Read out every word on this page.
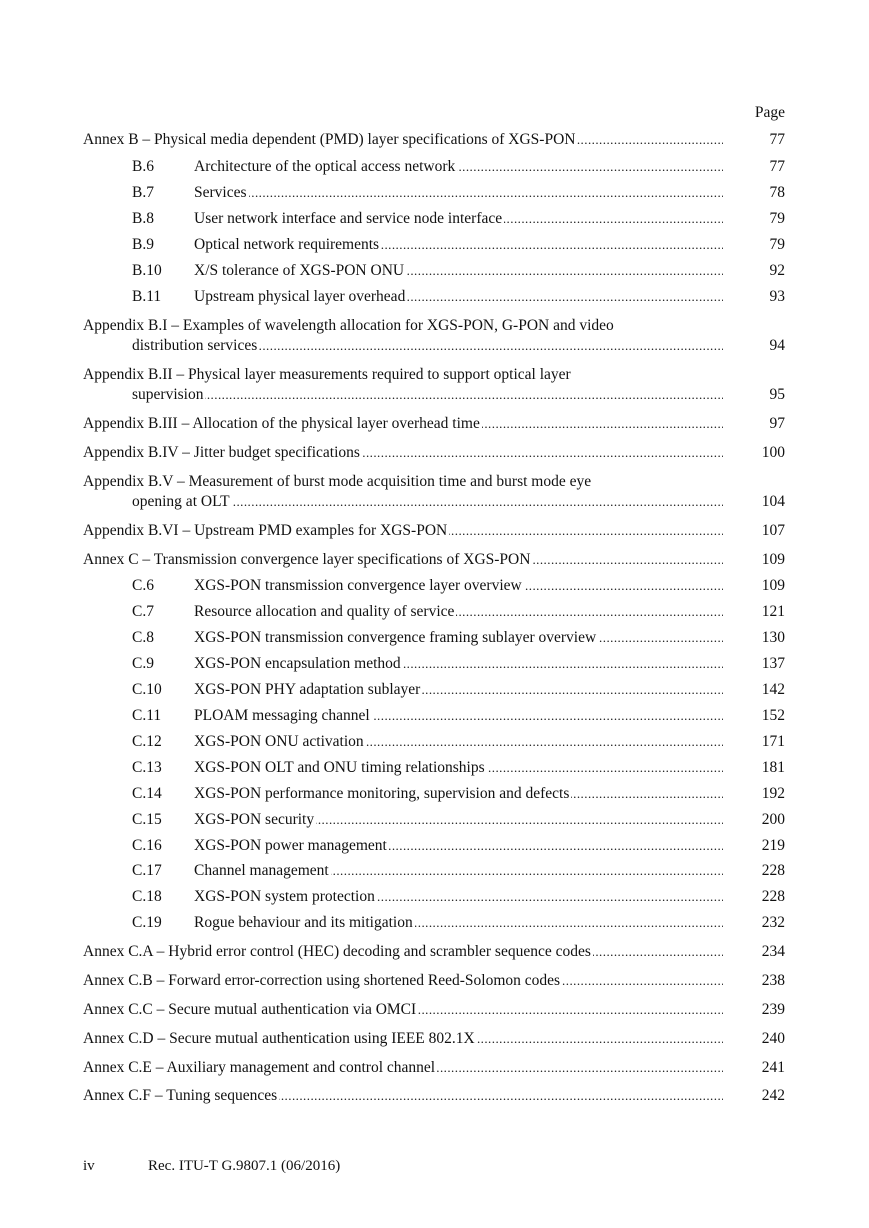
Page
Annex B – Physical media dependent (PMD) layer specifications of XGS-PON . . .	77
B.6	Architecture of the optical access network . . .	77
B.7	Services . . .	78
B.8	User network interface and service node interface . . .	79
B.9	Optical network requirements . . .	79
B.10 X/S tolerance of XGS-PON ONU . . .	92
B.11 Upstream physical layer overhead . . .	93
Appendix B.I – Examples of wavelength allocation for XGS-PON, G-PON and video
distribution services . . .	94
Appendix B.II – Physical layer measurements required to support optical layer
supervision . . .	95
Appendix B.III – Allocation of the physical layer overhead time . . .	97
Appendix B.IV – Jitter budget specifications . . .	100
Appendix B.V – Measurement of burst mode acquisition time and burst mode eye
opening at OLT . . .	104
Appendix B.VI – Upstream PMD examples for XGS-PON . . .	107
Annex C – Transmission convergence layer specifications of XGS-PON . . .	109
C.6	XGS-PON transmission convergence layer overview . . .	109
C.7	Resource allocation and quality of service . . .	121
C.8	XGS-PON transmission convergence framing sublayer overview . . .	130
C.9	XGS-PON encapsulation method . . .	137
C.10 XGS-PON PHY adaptation sublayer . . .	142
C.11 PLOAM messaging channel . . .	152
C.12 XGS-PON ONU activation . . .	171
C.13 XGS-PON OLT and ONU timing relationships . . .	181
C.14 XGS-PON performance monitoring, supervision and defects . . .	192
C.15 XGS-PON security . . .	200
C.16 XGS-PON power management . . .	219
C.17 Channel management . . .	228
C.18 XGS-PON system protection . . .	228
C.19 Rogue behaviour and its mitigation . . .	232
Annex C.A – Hybrid error control (HEC) decoding and scrambler sequence codes . . .	234
Annex C.B – Forward error-correction using shortened Reed-Solomon codes . . .	238
Annex C.C – Secure mutual authentication via OMCI . . .	239
Annex C.D – Secure mutual authentication using IEEE 802.1X . . .	240
Annex C.E – Auxiliary management and control channel . . .	241
Annex C.F – Tuning sequences . . .	242
iv	Rec. ITU-T G.9807.1 (06/2016)
